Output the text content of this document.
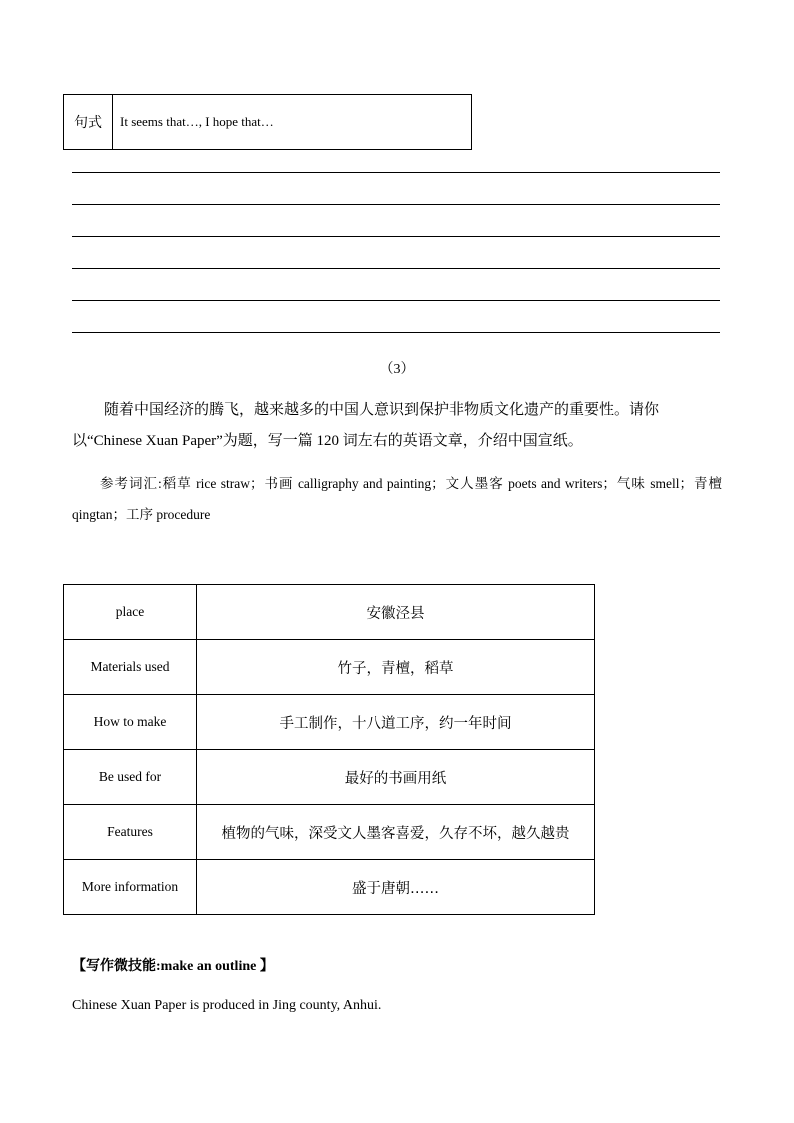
句式	It seems that…, I hope that…
（3）
随着中国经济的腾飞，越来越多的中国人意识到保护非物质文化遗产的重要性。请你以“Chinese Xuan Paper”为题，写一篇 120 词左右的英语文章，介绍中国宣纸。
参考词汇:稻草 rice straw；书画 calligraphy and painting；文人墨客 poets and writers；气味 smell；青檀 qingtan；工序 procedure
place	安徽泾县
Materials used	竹子，青檀，稻草
How to make	手工制作，十八道工序，约一年时间
Be used for	最好的书画用纸
Features	植物的气味，深受文人墨客喜爱，久存不坏，越久越贵
More information	盛于唐朝……
【写作微技能:make an outline 】
Chinese Xuan Paper is produced in Jing county, Anhui.
